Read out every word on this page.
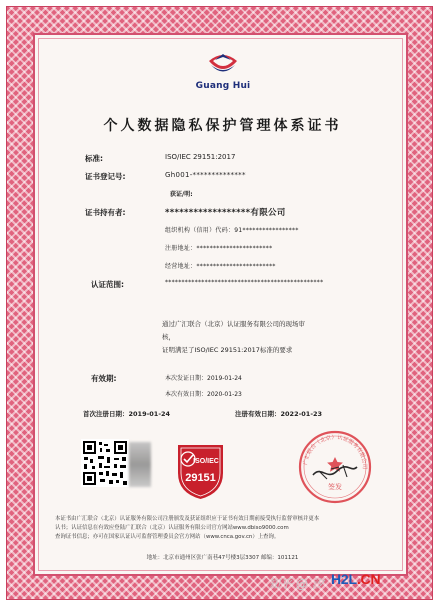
Guang Hui
个人数据隐私保护管理体系证书
标准:	ISO/IEC 29151:2017
证书登记号:	Gh001-**************
获证/明:
证书持有者:	******************有限公司
组织机构（信用）代码：91*****************
注册地址：***********************
经营地址：************************
认证范围:	************************************************
通过广汇联合（北京）认证服务有限公司的现场审核，
证明满足了ISO/IEC 29151:2017标准的要求
有效期:	本次发证日期：2019-01-24
本次有效日期：2020-01-23
首次注册日期：2019-01-24	注册有效日期：2022-01-23
ISO/IEC
29151
广汇联合（北京）认证服务有限公司
签发
本证书由广汇联合（北京）认证服务有限公司注册颁发及获证组织应于证书有效日期前接受执行监督审核并更本
认书；认证信息在有效应登陆广汇联合（北京）认证服务有限公司官方网站www.dbiso9000.com
查询证书信息；亦可在国家认证认可监督管理委员会官方网站（www.cnca.gov.cn）上查询。
地址：北京市通州区张广南巷47号楼3层3307 邮编：101121
知乎 @ 汐 H2L.CN
